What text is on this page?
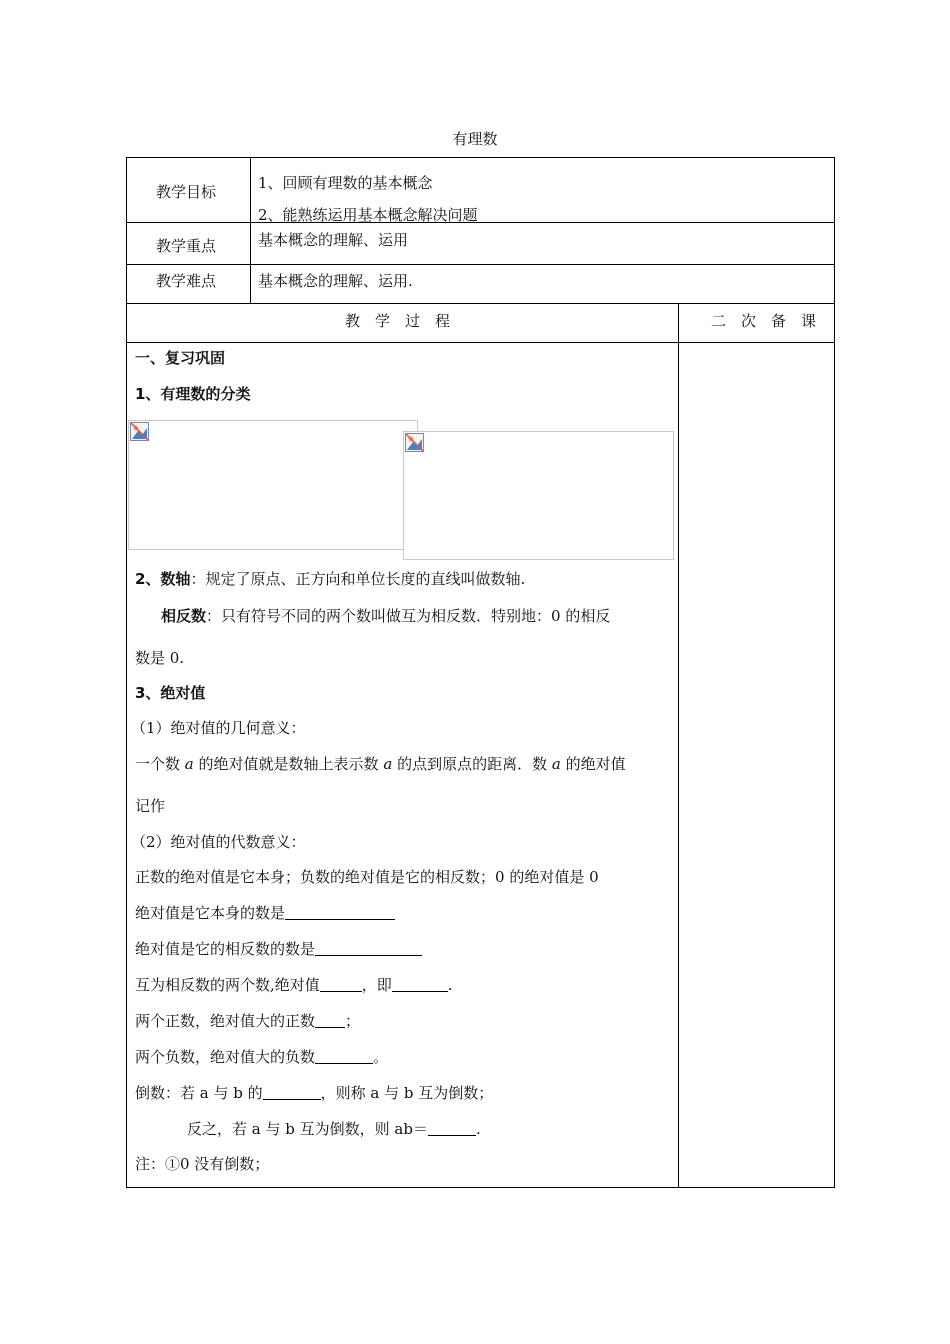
有理数
教学目标	1、回顾有理数的基本概念
2、能熟练运用基本概念解决问题
教学重点	基本概念的理解、运用
教学难点	基本概念的理解、运用.
教学过程	二次备课
一、复习巩固
1、有理数的分类
2、数轴：规定了原点、正方向和单位长度的直线叫做数轴.
相反数：只有符号不同的两个数叫做互为相反数．特别地：0 的相反
数是 0.
3、绝对值
（1）绝对值的几何意义：
一个数 a 的绝对值就是数轴上表示数 a 的点到原点的距离．数 a 的绝对值
记作
（2）绝对值的代数意义：
正数的绝对值是它本身；负数的绝对值是它的相反数；0 的绝对值是 0
绝对值是它本身的数是
绝对值是它的相反数的数是
互为相反数的两个数,绝对值	，即	.
两个正数，绝对值大的正数 ；
两个负数，绝对值大的负数	。
倒数：若 a 与 b 的	，则称 a 与 b 互为倒数；
反之，若 a 与 b 互为倒数，则 ab＝	.
注：①0 没有倒数；
